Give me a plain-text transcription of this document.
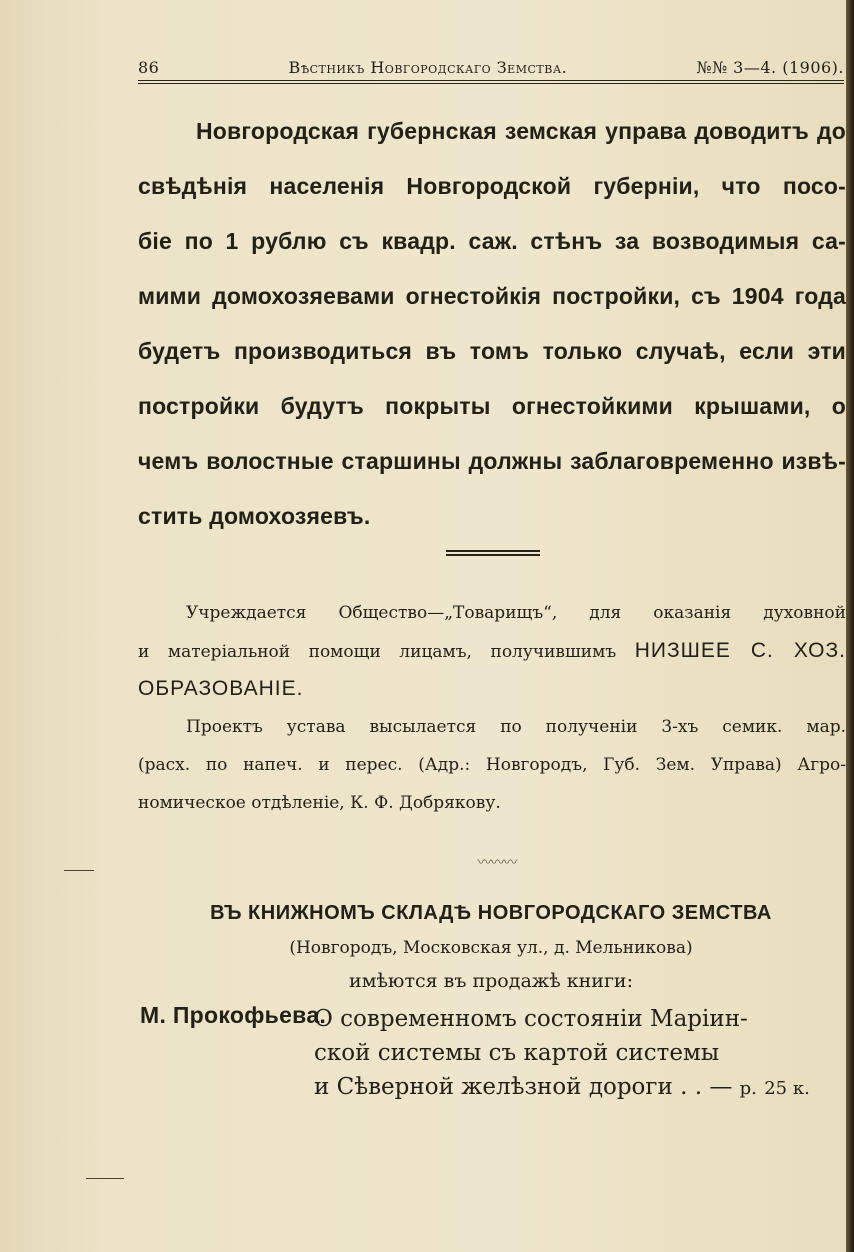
86	Вѣстникъ Новгородскаго Земства.	№№ 3—4. (1906).
Новгородская губернская земская управа доводитъ до
свѣдѣнія населенія Новгородской губерніи, что посо-
біе по 1 рублю съ квадр. саж. стѣнъ за возводимыя са-
мими домохозяевами огнестойкія постройки, съ 1904 года
будетъ производиться въ томъ только случаѣ, если эти
постройки будутъ покрыты огнестойкими крышами, о
чемъ волостные старшины должны заблаговременно извѣ-
стить домохозяевъ.
Учреждается Общество—„Товарищъ“, для оказанія духовной
и матеріальной помощи лицамъ, получившимъ НИЗШЕЕ С. ХОЗ.
ОБРАЗОВАНІЕ.
Проектъ устава высылается по полученіи 3-хъ семик. мар.
(расх. по напеч. и перес. (Адр.: Новгородъ, Губ. Зем. Управа) Агро-
номическое отдѣленіе, К. Ф. Добрякову.
〰〰〰
ВЪ КНИЖНОМЪ СКЛАДѢ НОВГОРОДСКАГО ЗЕМСТВА
(Новгородъ, Московская ул., д. Мельникова)
имѣются въ продажѣ книги:
М. Прокофьева.
О современномъ состояніи Маріин-
ской системы съ картой системы
и Сѣверной желѣзной дороги . . — р. 25 к.
